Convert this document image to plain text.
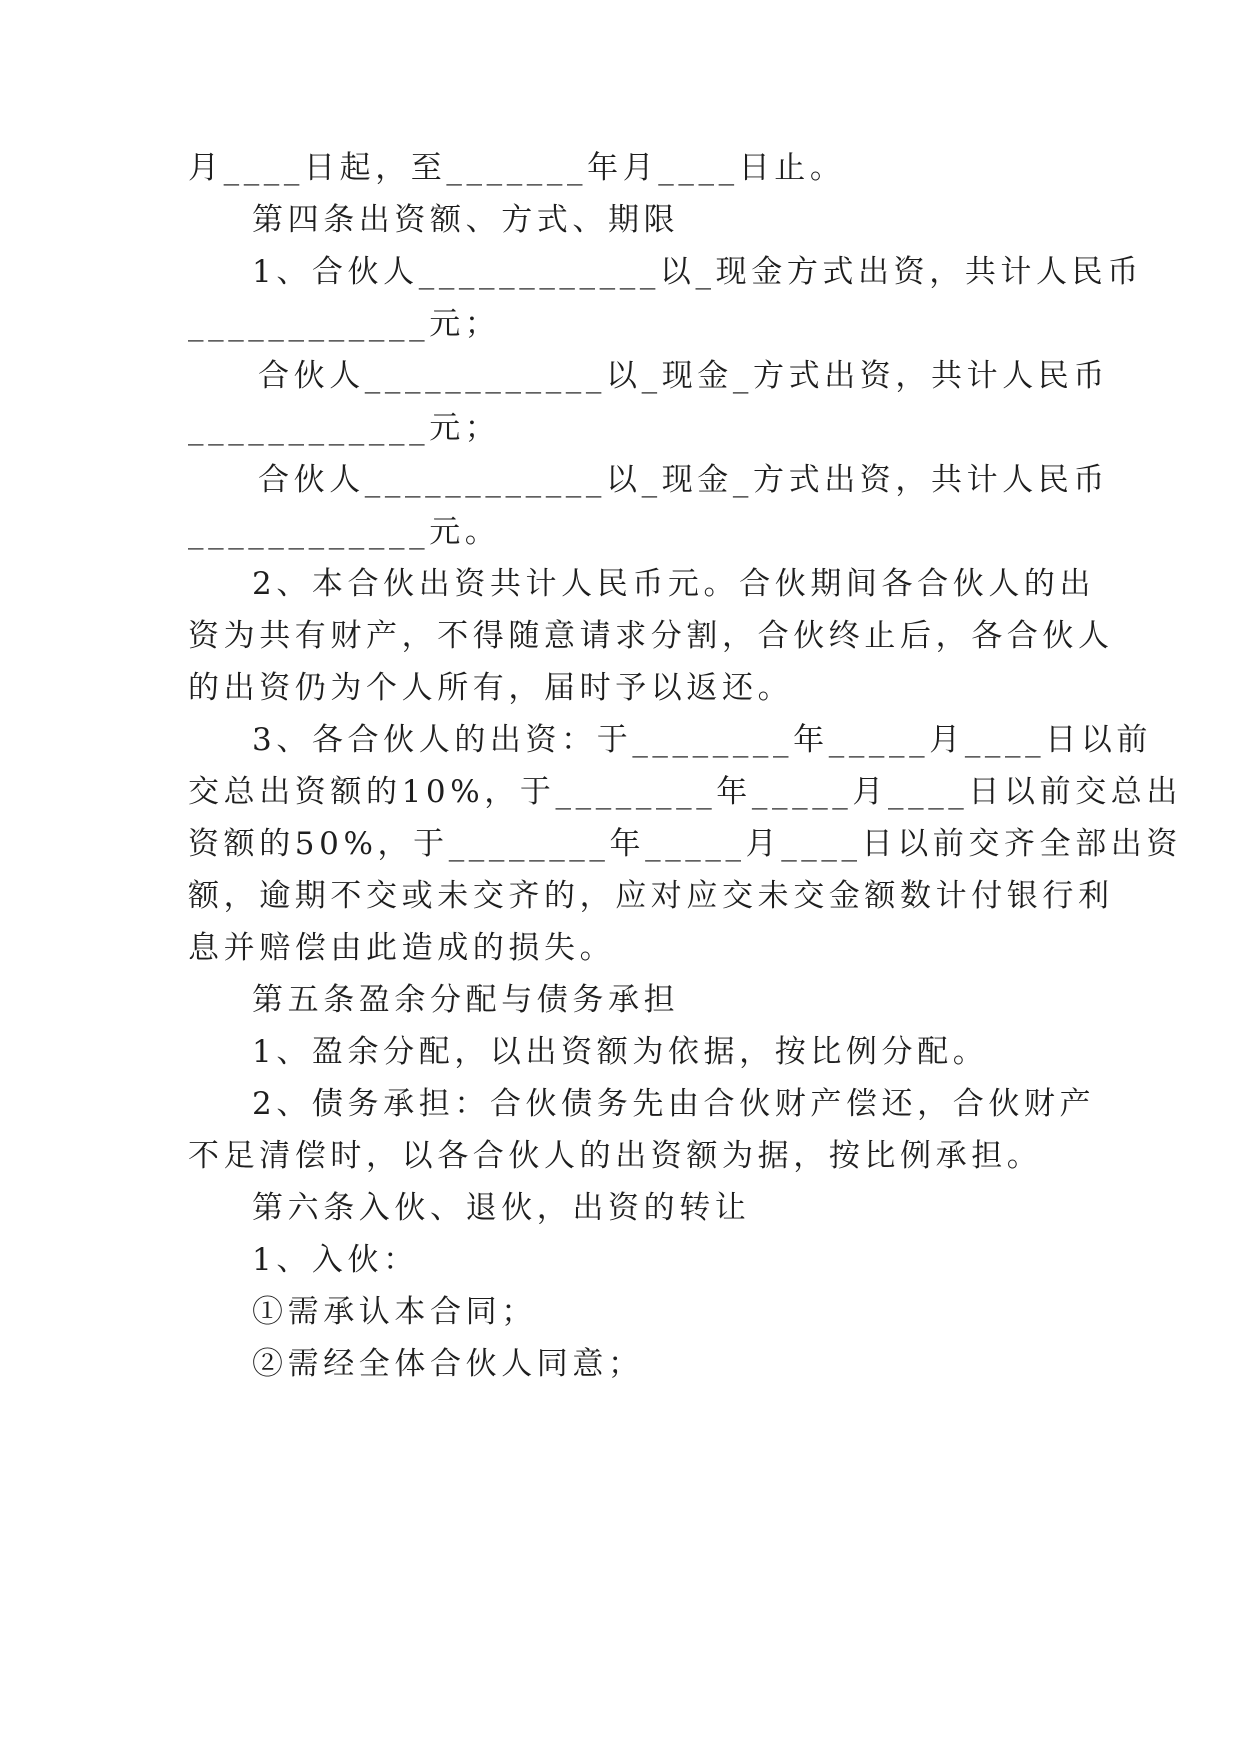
月____日起，至_______年月____日止。
第四条出资额、方式、期限
1、合伙人____________以_现金方式出资，共计人民币
____________元；
合伙人____________以_现金_方式出资，共计人民币
____________元；
合伙人____________以_现金_方式出资，共计人民币
____________元。
2、本合伙出资共计人民币元。合伙期间各合伙人的出
资为共有财产，不得随意请求分割，合伙终止后，各合伙人
的出资仍为个人所有，届时予以返还。
3、各合伙人的出资：于________年_____月____日以前
交总出资额的10%，于________年_____月____日以前交总出
资额的50%，于________年_____月____日以前交齐全部出资
额，逾期不交或未交齐的，应对应交未交金额数计付银行利
息并赔偿由此造成的损失。
第五条盈余分配与债务承担
1、盈余分配，以出资额为依据，按比例分配。
2、债务承担：合伙债务先由合伙财产偿还，合伙财产
不足清偿时，以各合伙人的出资额为据，按比例承担。
第六条入伙、退伙，出资的转让
1、入伙：
①需承认本合同；
②需经全体合伙人同意；
